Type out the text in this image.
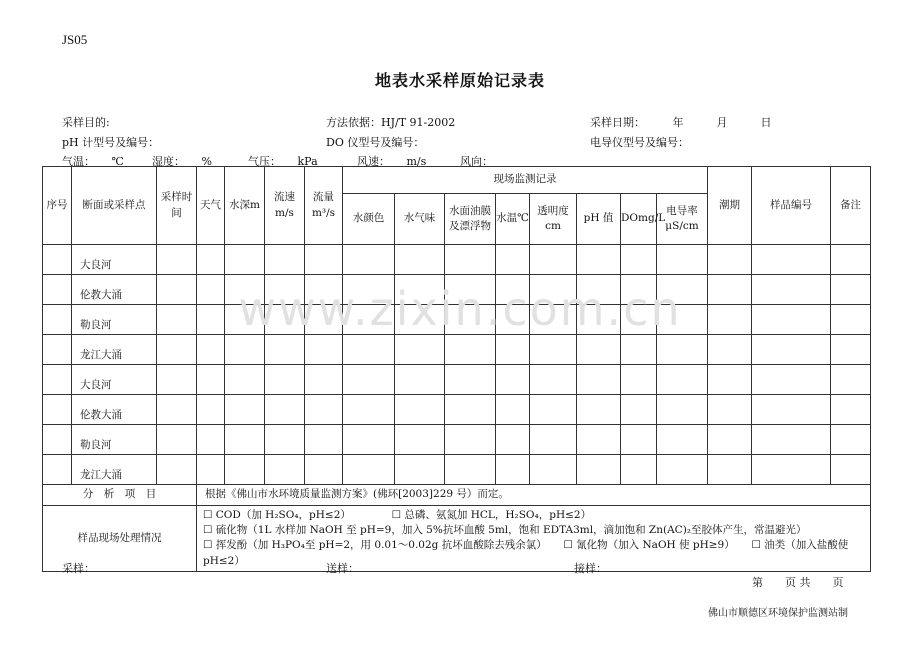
JS05
地表水采样原始记录表
采样目的:	方法依据：HJ/T 91-2002	采样日期：　　　年　　　月　　　日
pH 计型号及编号：	DO 仪型号及编号：	电导仪型号及编号：
气温：　　℃	湿度：　　%	气压：　　kPa	风速：　　m/s	风向：
序号	断面或采样点	采样时间	天气	水深m	流速m/s	流量m³/s	现场监测记录								潮期	样品编号	备注
							水颜色	水气味	水面油膜及漂浮物	水温℃	透明度cm	pH 值	DOmg/L	电导率μS/cm			
	大良河																
	伦教大涌																
	勒良河																
	龙江大涌																
	大良河																
	伦教大涌																
	勒良河																
	龙江大涌																
分　析　项　目			根据《佛山市水环境质量监测方案》(佛环[2003]229 号）而定。														
样品现场处理情况			☐ COD（加 H₂SO₄，pH≤2） ☐ 总磷、氨氮加 HCL，H₂SO₄，pH≤2）
☐ 硫化物（1L 水样加 NaOH 至 pH=9，加入 5%抗坏血酸 5ml，饱和 EDTA3ml，滴加饱和 Zn(AC)₂至胶体产生，常温避光）
☐ 挥发酚（加 H₃PO₄至 pH=2，用 0.01～0.02g 抗坏血酸除去残余氯） ☐ 氰化物（加入 NaOH 使 pH≥9） ☐ 油类（加入盐酸使 pH≤2）														
www.zixin.com.cn
采样：	送样：	接样：
第　　页 共　　页
佛山市顺德区环境保护监测站制
